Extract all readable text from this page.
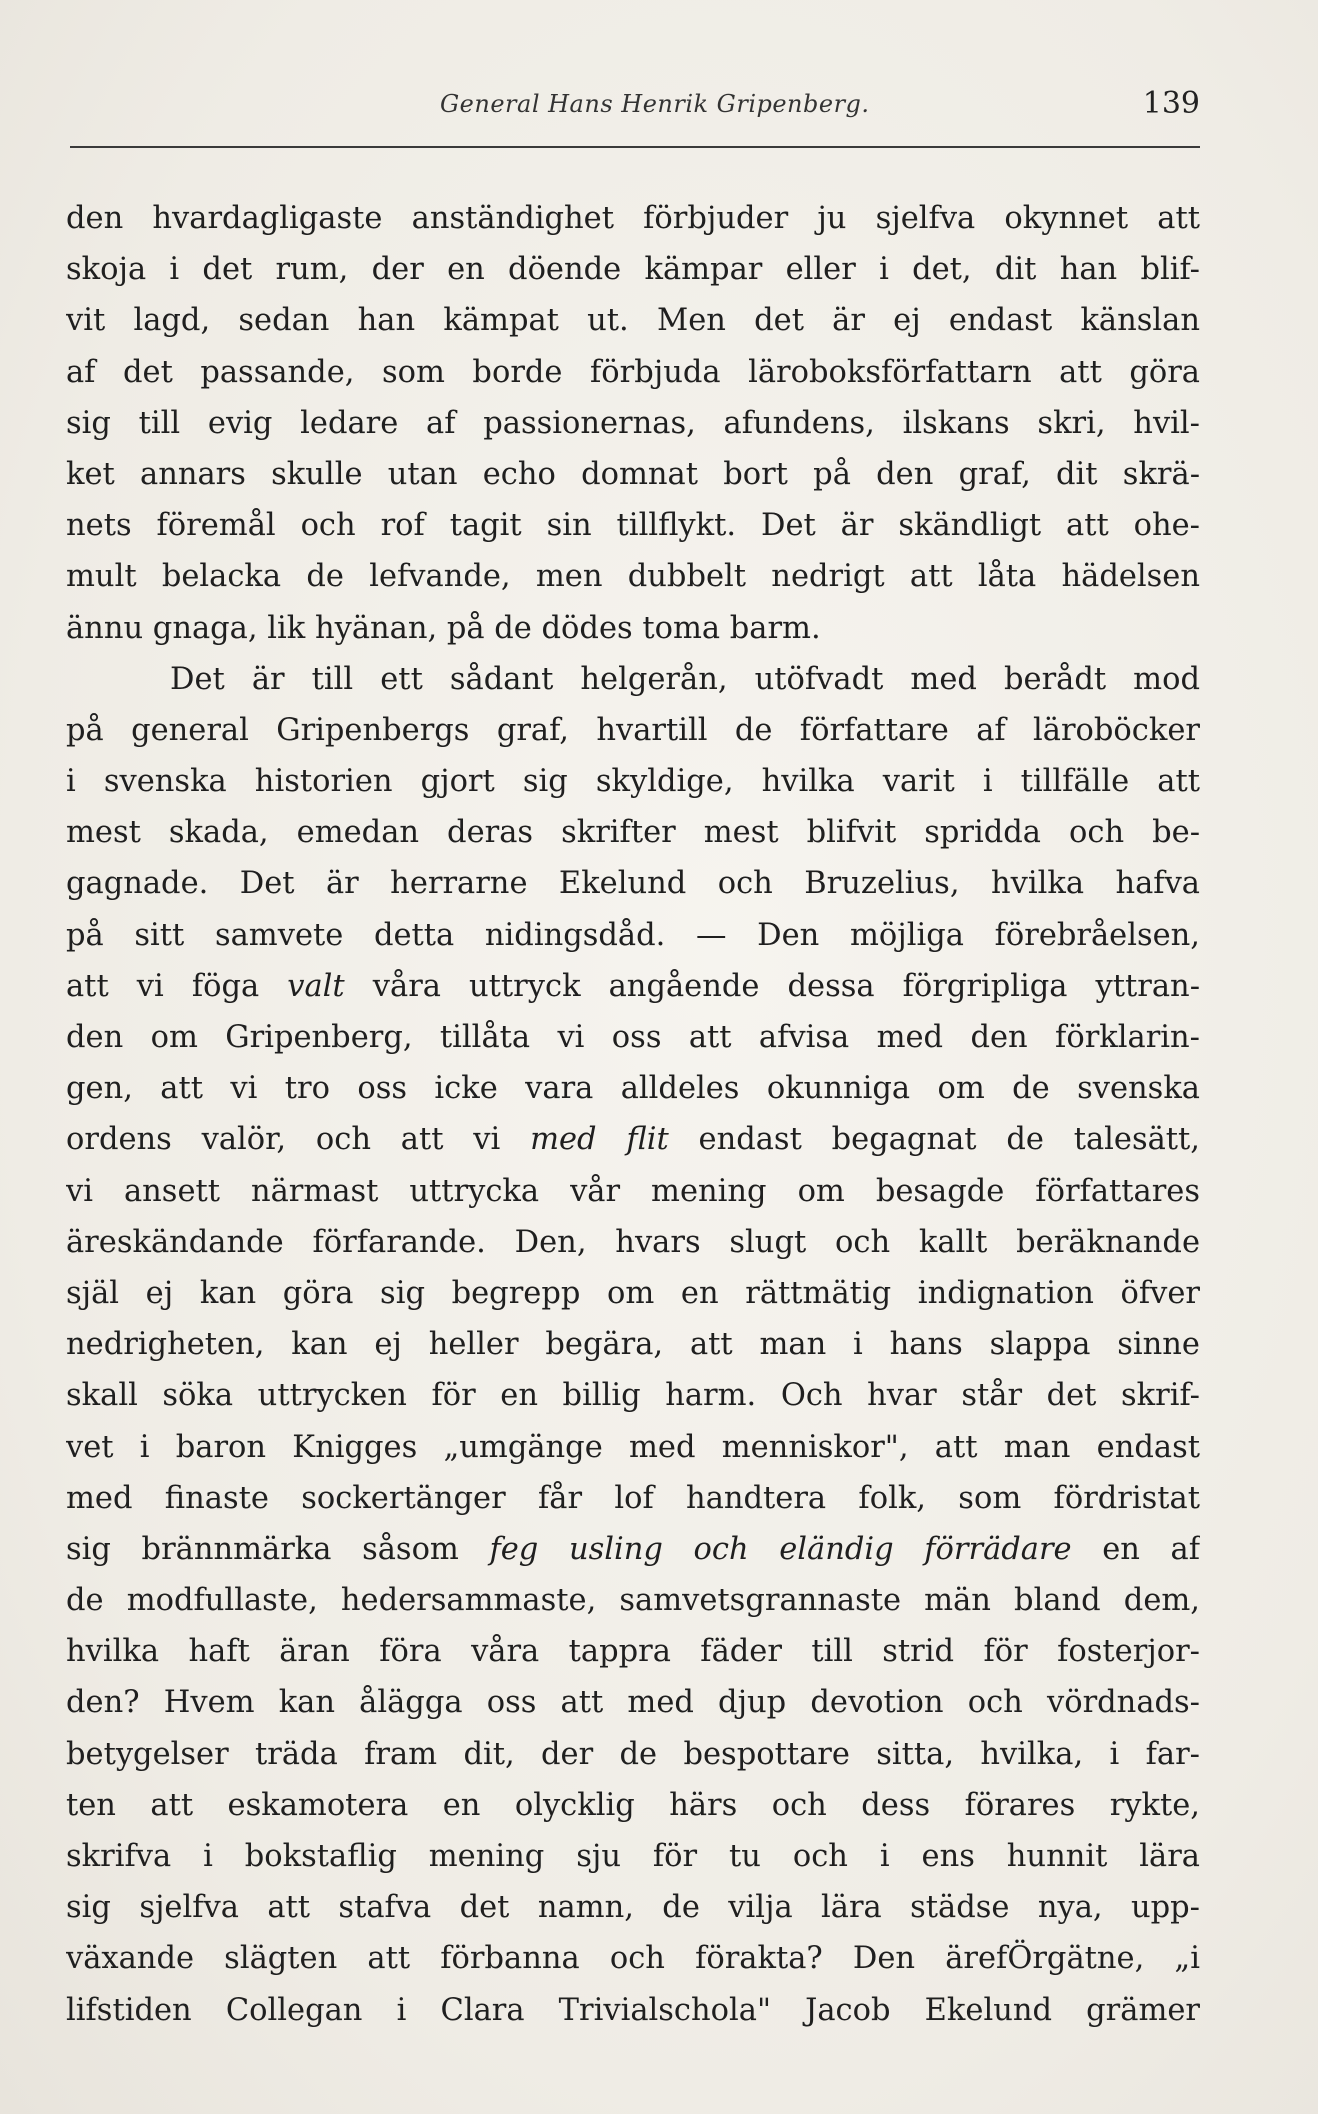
General Hans Henrik Gripenberg.	139
den hvardagligaste anständighet förbjuder ju sjelfva okynnet att
skoja i det rum, der en döende kämpar eller i det, dit han blif-
vit lagd, sedan han kämpat ut. Men det är ej endast känslan
af det passande, som borde förbjuda läroboksförfattarn att göra
sig till evig ledare af passionernas, afundens, ilskans skri, hvil-
ket annars skulle utan echo domnat bort på den graf, dit skrä-
nets föremål och rof tagit sin tillflykt. Det är skändligt att ohe-
mult belacka de lefvande, men dubbelt nedrigt att låta hädelsen
ännu gnaga, lik hyänan, på de dödes toma barm.
Det är till ett sådant helgerån, utöfvadt med berådt mod
på general Gripenbergs graf, hvartill de författare af läroböcker
i svenska historien gjort sig skyldige, hvilka varit i tillfälle att
mest skada, emedan deras skrifter mest blifvit spridda och be-
gagnade. Det är herrarne Ekelund och Bruzelius, hvilka hafva
på sitt samvete detta nidingsdåd. — Den möjliga förebråelsen,
att vi föga valt våra uttryck angående dessa förgripliga yttran-
den om Gripenberg, tillåta vi oss att afvisa med den förklarin-
gen, att vi tro oss icke vara alldeles okunniga om de svenska
ordens valör, och att vi med flit endast begagnat de talesätt,
vi ansett närmast uttrycka vår mening om besagde författares
äreskändande förfarande. Den, hvars slugt och kallt beräknande
själ ej kan göra sig begrepp om en rättmätig indignation öfver
nedrigheten, kan ej heller begära, att man i hans slappa sinne
skall söka uttrycken för en billig harm. Och hvar står det skrif-
vet i baron Knigges „umgänge med menniskor", att man endast
med finaste sockertänger får lof handtera folk, som fördristat
sig brännmärka såsom feg usling och eländig förrädare en af
de modfullaste, hedersammaste, samvetsgrannaste män bland dem,
hvilka haft äran föra våra tappra fäder till strid för fosterjor-
den? Hvem kan ålägga oss att med djup devotion och vördnads-
betygelser träda fram dit, der de bespottare sitta, hvilka, i far-
ten att eskamotera en olycklig härs och dess förares rykte,
skrifva i bokstaflig mening sju för tu och i ens hunnit lära
sig sjelfva att stafva det namn, de vilja lära städse nya, upp-
växande slägten att förbanna och förakta? Den ärefÖrgätne, „i
lifstiden Collegan i Clara Trivialschola" Jacob Ekelund grämer
